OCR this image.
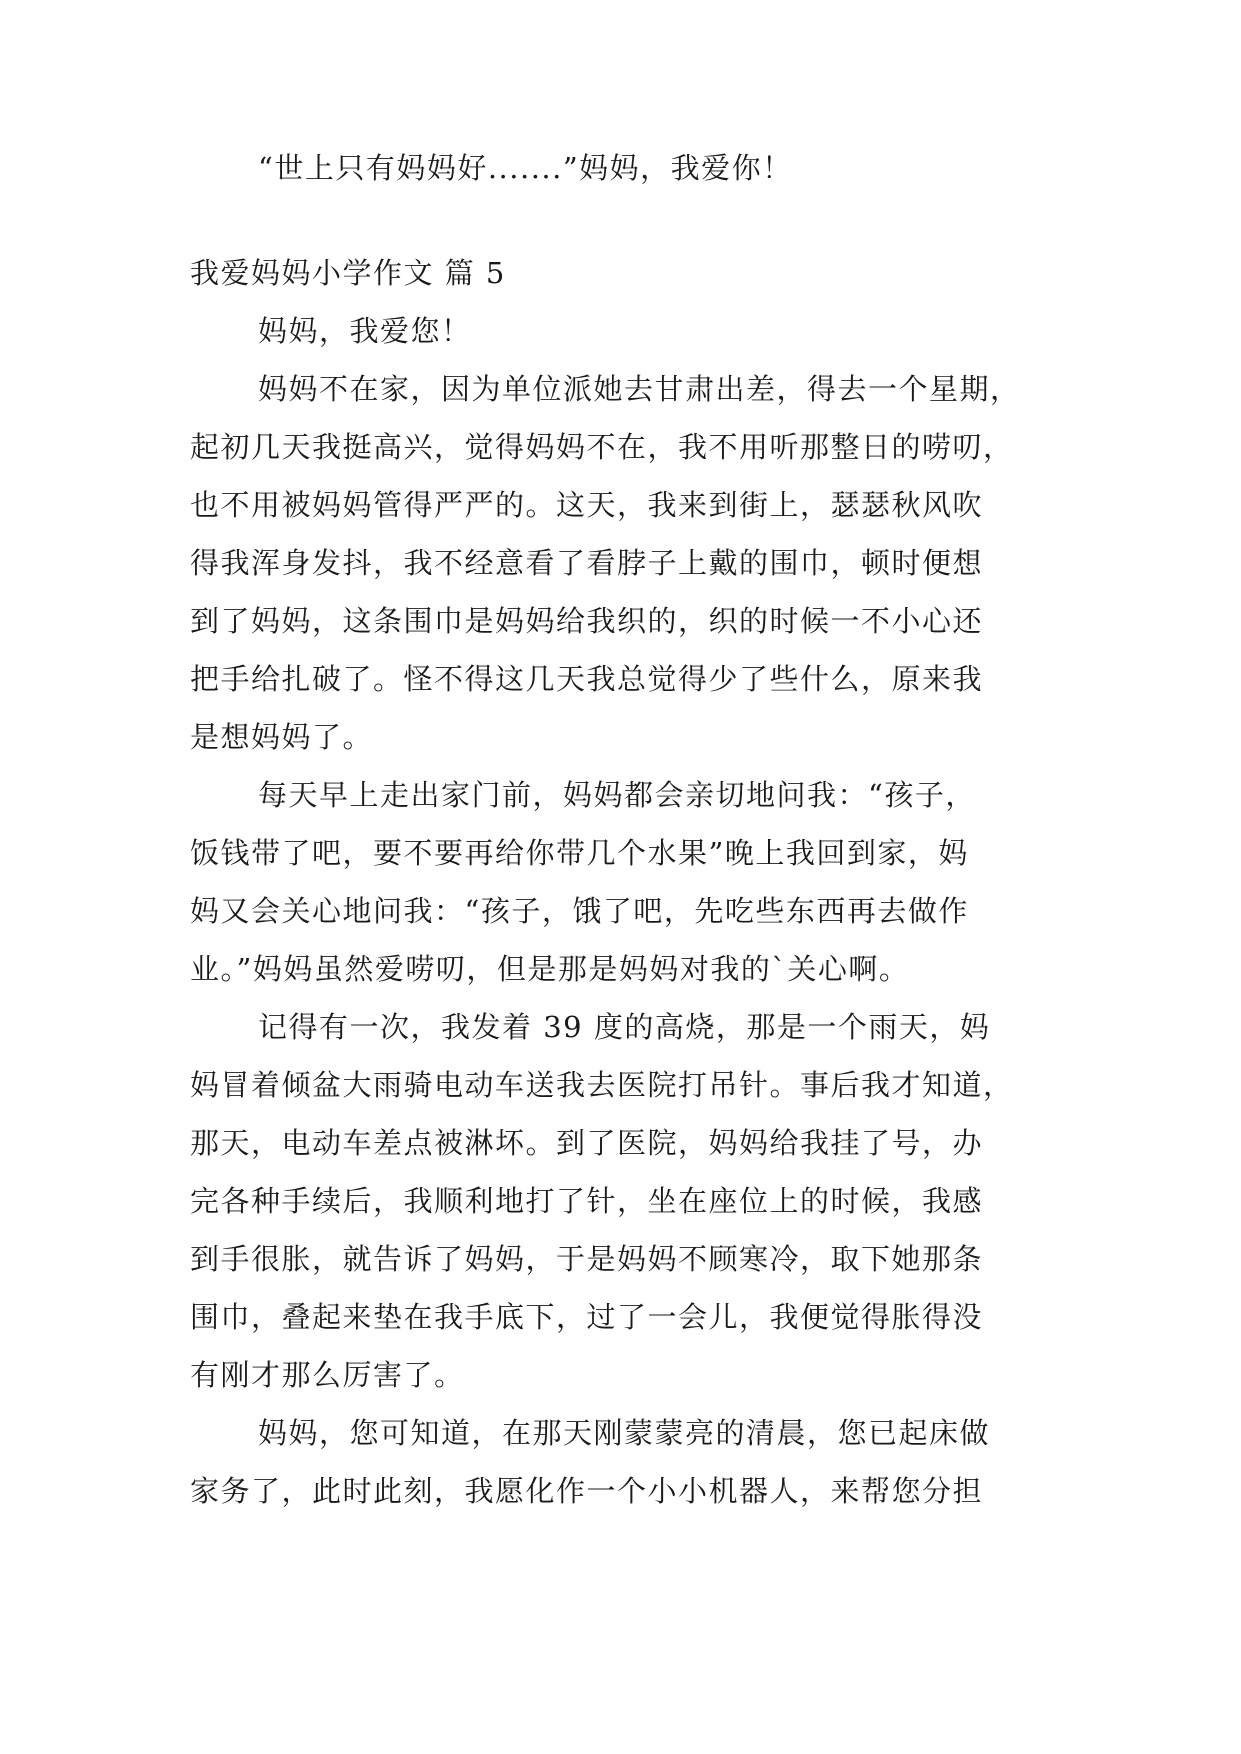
“世上只有妈妈好.......”妈妈，我爱你！
我爱妈妈小学作文 篇 5
妈妈，我爱您！
妈妈不在家，因为单位派她去甘肃出差，得去一个星期，
起初几天我挺高兴，觉得妈妈不在，我不用听那整日的唠叨，
也不用被妈妈管得严严的。这天，我来到街上，瑟瑟秋风吹
得我浑身发抖，我不经意看了看脖子上戴的围巾，顿时便想
到了妈妈，这条围巾是妈妈给我织的，织的时候一不小心还
把手给扎破了。怪不得这几天我总觉得少了些什么，原来我
是想妈妈了。
每天早上走出家门前，妈妈都会亲切地问我：“孩子，
饭钱带了吧，要不要再给你带几个水果”晚上我回到家，妈
妈又会关心地问我：“孩子，饿了吧，先吃些东西再去做作
业。”妈妈虽然爱唠叨，但是那是妈妈对我的`关心啊。
记得有一次，我发着 39 度的高烧，那是一个雨天，妈
妈冒着倾盆大雨骑电动车送我去医院打吊针。事后我才知道，
那天，电动车差点被淋坏。到了医院，妈妈给我挂了号，办
完各种手续后，我顺利地打了针，坐在座位上的时候，我感
到手很胀，就告诉了妈妈，于是妈妈不顾寒冷，取下她那条
围巾，叠起来垫在我手底下，过了一会儿，我便觉得胀得没
有刚才那么厉害了。
妈妈，您可知道，在那天刚蒙蒙亮的清晨，您已起床做
家务了，此时此刻，我愿化作一个小小机器人，来帮您分担
